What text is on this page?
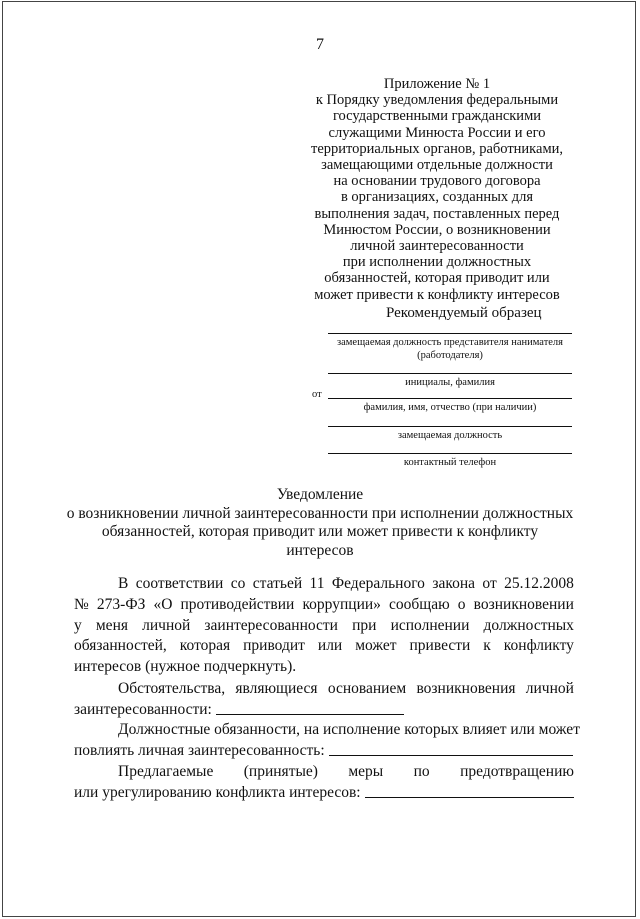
7
Приложение № 1
к Порядку уведомления федеральными
государственными гражданскими
служащими Минюста России и его
территориальных органов, работниками,
замещающими отдельные должности
на основании трудового договора
в организациях, созданных для
выполнения задач, поставленных перед
Минюстом России, о возникновении
личной заинтересованности
при исполнении должностных
обязанностей, которая приводит или
может привести к конфликту интересов
Рекомендуемый образец
замещаемая должность представителя нанимателя
(работодателя)
инициалы, фамилия
от
фамилия, имя, отчество (при наличии)
замещаемая должность
контактный телефон
Уведомление
о возникновении личной заинтересованности при исполнении должностных
обязанностей, которая приводит или может привести к конфликту
интересов
В соответствии со статьей 11 Федерального закона от 25.12.2008
№ 273-ФЗ «О противодействии коррупции» сообщаю о возникновении
у меня личной заинтересованности при исполнении должностных
обязанностей, которая приводит или может привести к конфликту
интересов (нужное подчеркнуть).
Обстоятельства, являющиеся основанием возникновения личной
заинтересованности:
Должностные обязанности, на исполнение которых влияет или может
повлиять личная заинтересованность:
Предлагаемые (принятые) меры по предотвращению
или урегулированию конфликта интересов:
